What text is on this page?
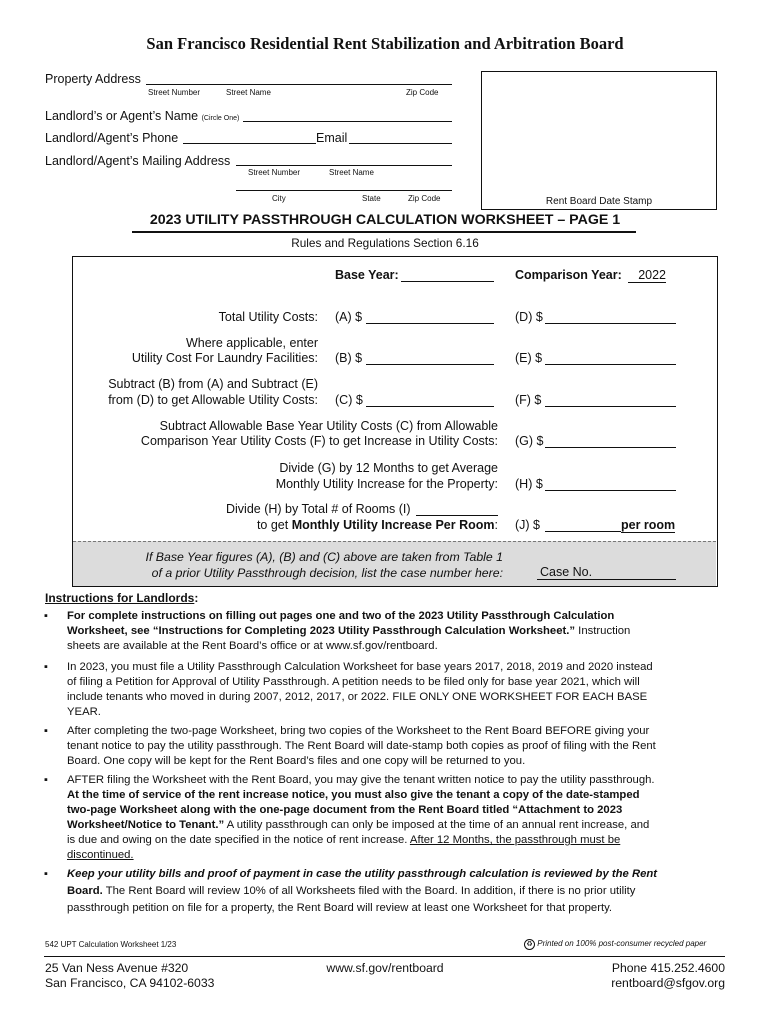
San Francisco Residential Rent Stabilization and Arbitration Board
Property Address
Street Number	Street Name	Zip Code
Landlord’s or Agent’s Name (Circle One)
Landlord/Agent’s Phone	Email
Landlord/Agent’s Mailing Address
Street Number	Street Name
City	State	Zip Code	Rent Board Date Stamp
2023 UTILITY PASSTHROUGH CALCULATION WORKSHEET – PAGE 1
Rules and Regulations Section 6.16
Base Year:	Comparison Year:	2022
Total Utility Costs: (A) $	(D) $
Where applicable, enter
Utility Cost For Laundry Facilities: (B) $	(E) $
Subtract (B) from (A) and Subtract (E)
from (D) to get Allowable Utility Costs: (C) $	(F) $
Subtract Allowable Base Year Utility Costs (C) from Allowable
Comparison Year Utility Costs (F) to get Increase in Utility Costs: (G) $
Divide (G) by 12 Months to get Average
Monthly Utility Increase for the Property: (H) $
Divide (H) by Total # of Rooms (I)
to get Monthly Utility Increase Per Room: (J) $	per room
If Base Year figures (A), (B) and (C) above are taken from Table 1
of a prior Utility Passthrough decision, list the case number here:	Case No.
Instructions for Landlords:
▪ For complete instructions on filling out pages one and two of the 2023 Utility Passthrough Calculation
Worksheet, see “Instructions for Completing 2023 Utility Passthrough Calculation Worksheet.” Instruction
sheets are available at the Rent Board’s office or at www.sf.gov/rentboard.
▪ In 2023, you must file a Utility Passthrough Calculation Worksheet for base years 2017, 2018, 2019 and 2020 instead
of filing a Petition for Approval of Utility Passthrough. A petition needs to be filed only for base year 2021, which will
include tenants who moved in during 2007, 2012, 2017, or 2022. FILE ONLY ONE WORKSHEET FOR EACH BASE
YEAR.
▪ After completing the two-page Worksheet, bring two copies of the Worksheet to the Rent Board BEFORE giving your
tenant notice to pay the utility passthrough. The Rent Board will date-stamp both copies as proof of filing with the Rent
Board. One copy will be kept for the Rent Board’s files and one copy will be returned to you.
▪ AFTER filing the Worksheet with the Rent Board, you may give the tenant written notice to pay the utility passthrough.
At the time of service of the rent increase notice, you must also give the tenant a copy of the date-stamped
two-page Worksheet along with the one-page document from the Rent Board titled “Attachment to 2023
Worksheet/Notice to Tenant.” A utility passthrough can only be imposed at the time of an annual rent increase, and
is due and owing on the date specified in the notice of rent increase. After 12 Months, the passthrough must be
discontinued.
▪ Keep your utility bills and proof of payment in case the utility passthrough calculation is reviewed by the Rent
Board. The Rent Board will review 10% of all Worksheets filed with the Board. In addition, if there is no prior utility
passthrough petition on file for a property, the Rent Board will review at least one Worksheet for that property.
542 UPT Calculation Worksheet 1/23	♻ Printed on 100% post-consumer recycled paper
25 Van Ness Avenue #320
San Francisco, CA 94102-6033
www.sf.gov/rentboard	Phone 415.252.4600
rentboard@sfgov.org
